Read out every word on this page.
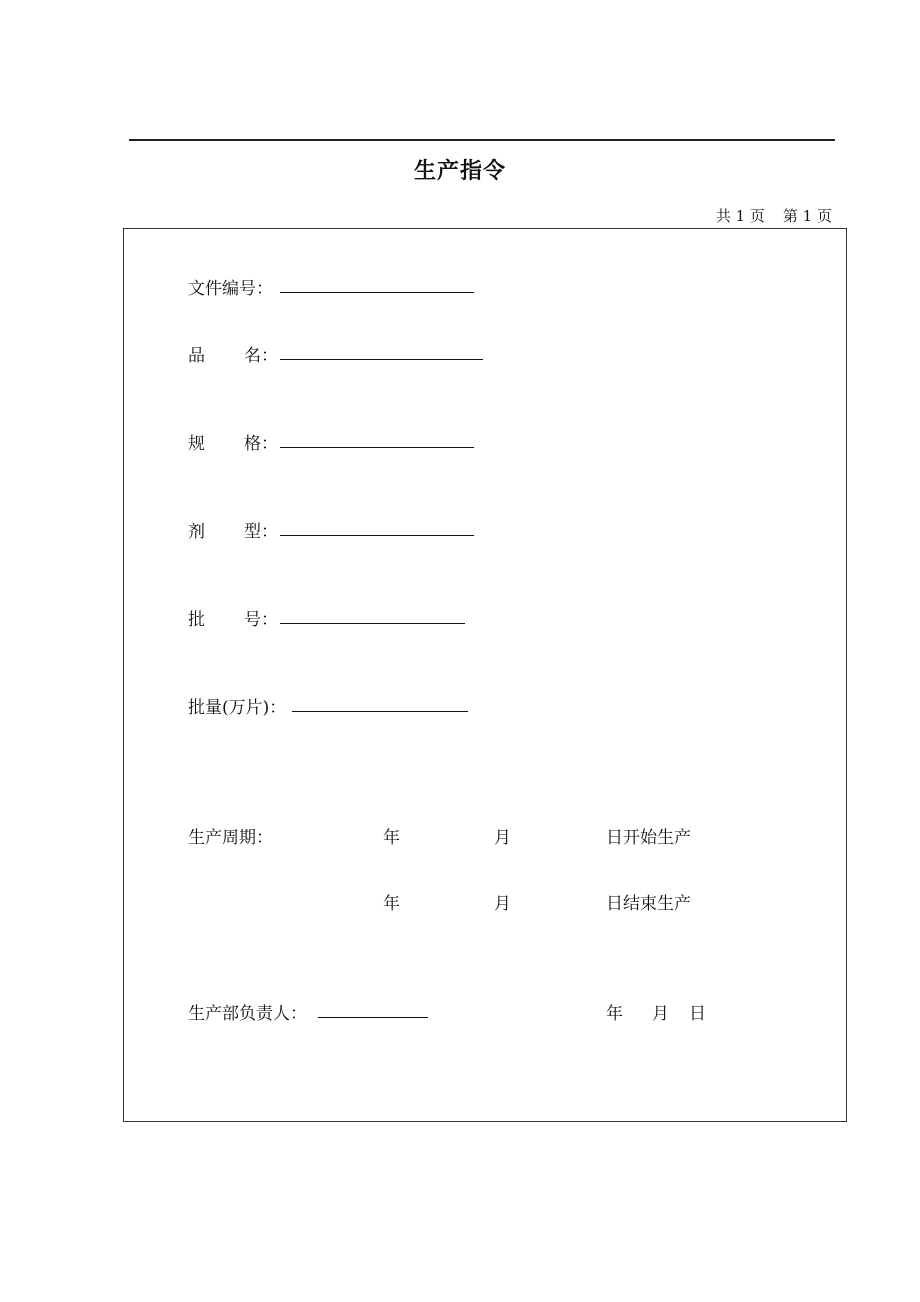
生产指令
共 1 页 第 1 页
文件编号：
品 名：
规 格：
剂 型：
批 号：
批量(万片)：
生产周期：	年	月	日开始生产
年	月	日结束生产
生产部负责人：	年 月 日
